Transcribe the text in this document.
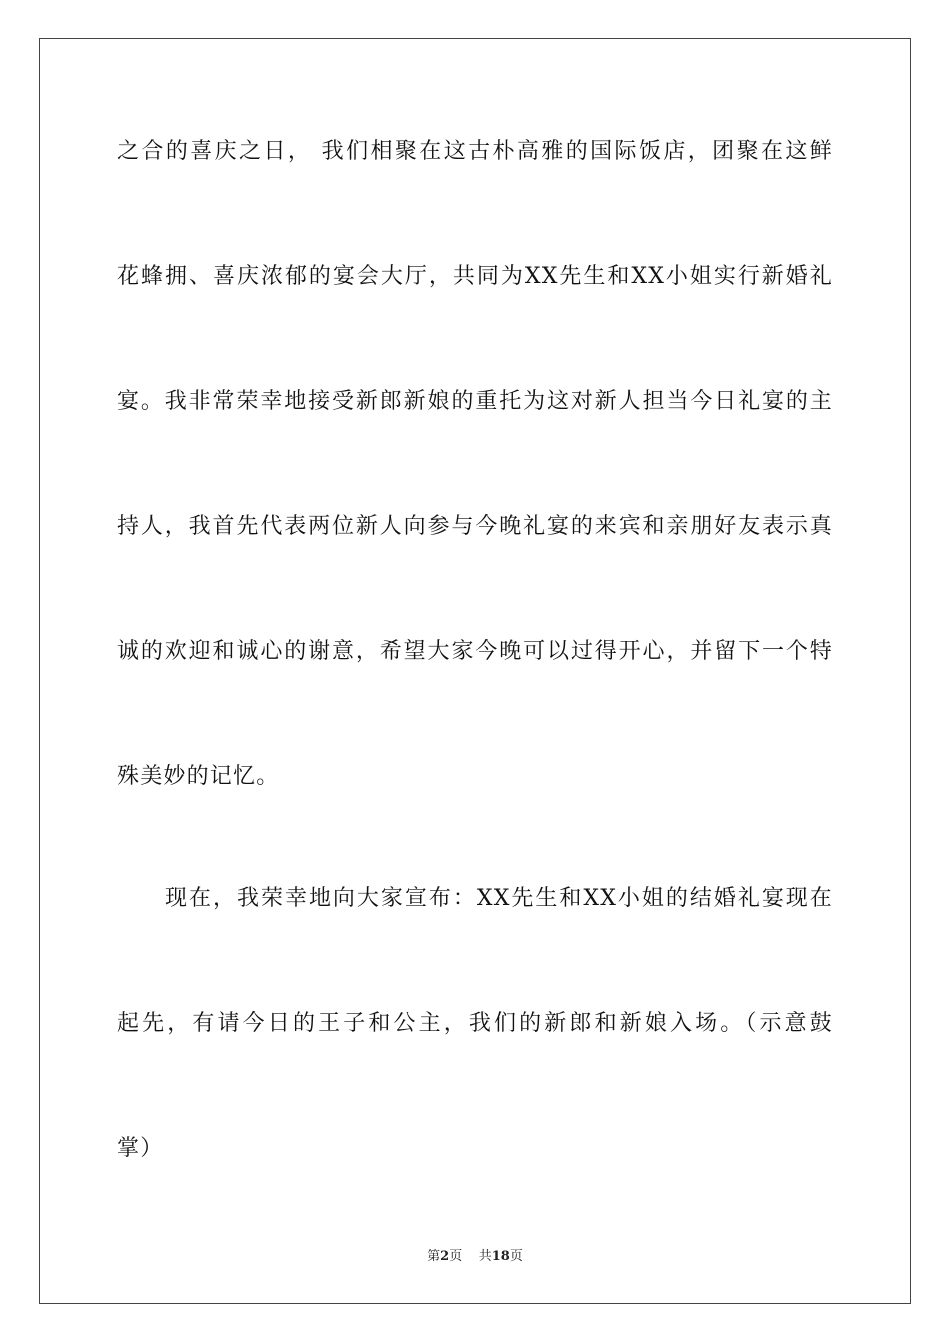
之合的喜庆之日， 我们相聚在这古朴高雅的国际饭店，团聚在这鲜
花蜂拥、喜庆浓郁的宴会大厅，共同为XX先生和XX小姐实行新婚礼
宴。我非常荣幸地接受新郎新娘的重托为这对新人担当今日礼宴的主
持人，我首先代表两位新人向参与今晚礼宴的来宾和亲朋好友表示真
诚的欢迎和诚心的谢意，希望大家今晚可以过得开心，并留下一个特
殊美妙的记忆。
现在，我荣幸地向大家宣布：XX先生和XX小姐的结婚礼宴现在
起先，有请今日的王子和公主，我们的新郎和新娘入场。（示意鼓
掌）
第2页 共18页
